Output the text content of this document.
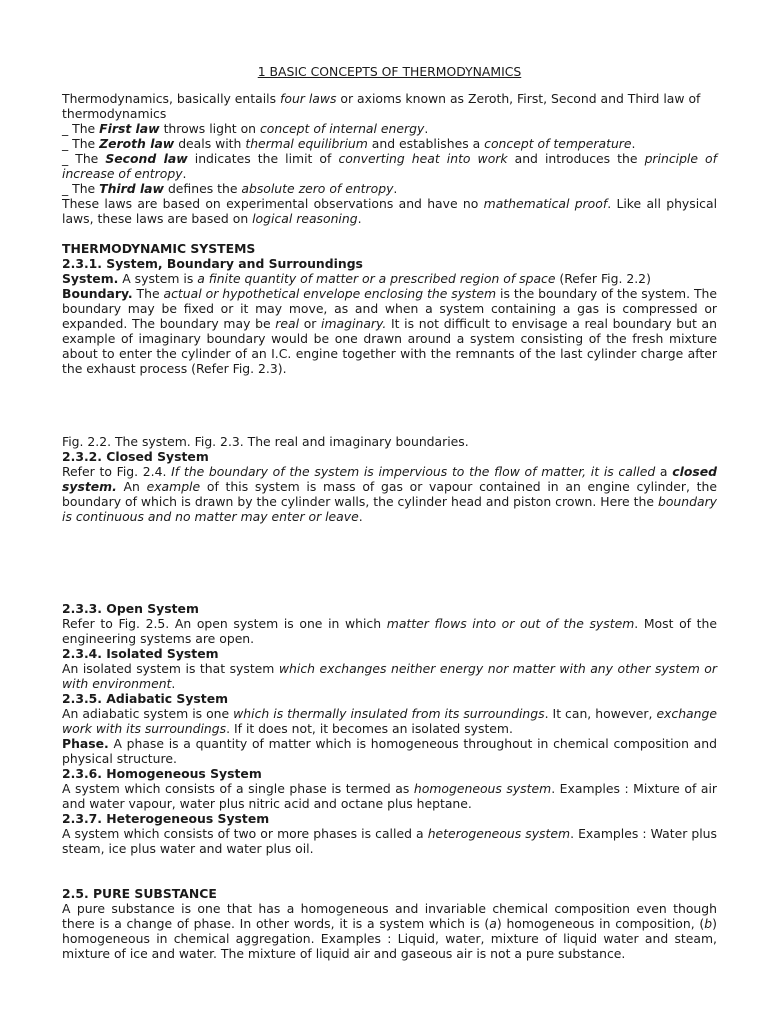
1 BASIC CONCEPTS OF THERMODYNAMICS

Thermodynamics, basically entails four laws or axioms known as Zeroth, First, Second and Third law of thermodynamics

_ The First law throws light on concept of internal energy.

_ The Zeroth law deals with thermal equilibrium and establishes a concept of temperature.

_ The Second law indicates the limit of converting heat into work and introduces the principle of increase of entropy.

_ The Third law defines the absolute zero of entropy.

These laws are based on experimental observations and have no mathematical proof. Like all physical laws, these laws are based on logical reasoning.

THERMODYNAMIC SYSTEMS

2.3.1. System, Boundary and Surroundings

System. A system is a finite quantity of matter or a prescribed region of space (Refer Fig. 2.2)

Boundary. The actual or hypothetical envelope enclosing the system is the boundary of the system. The boundary may be fixed or it may move, as and when a system containing a gas is compressed or expanded. The boundary may be real or imaginary. It is not difficult to envisage a real boundary but an example of imaginary boundary would be one drawn around a system consisting of the fresh mixture about to enter the cylinder of an I.C. engine together with the remnants of the last cylinder charge after the exhaust process (Refer Fig. 2.3).

Fig. 2.2. The system. Fig. 2.3. The real and imaginary boundaries.

2.3.2. Closed System

Refer to Fig. 2.4. If the boundary of the system is impervious to the flow of matter, it is called a closed system. An example of this system is mass of gas or vapour contained in an engine cylinder, the boundary of which is drawn by the cylinder walls, the cylinder head and piston crown. Here the boundary is continuous and no matter may enter or leave.

2.3.3. Open System

Refer to Fig. 2.5. An open system is one in which matter flows into or out of the system. Most of the engineering systems are open.

2.3.4. Isolated System

An isolated system is that system which exchanges neither energy nor matter with any other system or with environment.

2.3.5. Adiabatic System

An adiabatic system is one which is thermally insulated from its surroundings. It can, however, exchange work with its surroundings. If it does not, it becomes an isolated system.

Phase. A phase is a quantity of matter which is homogeneous throughout in chemical composition and physical structure.

2.3.6. Homogeneous System

A system which consists of a single phase is termed as homogeneous system. Examples : Mixture of air and water vapour, water plus nitric acid and octane plus heptane.

2.3.7. Heterogeneous System

A system which consists of two or more phases is called a heterogeneous system. Examples : Water plus steam, ice plus water and water plus oil.

2.5. PURE SUBSTANCE

A pure substance is one that has a homogeneous and invariable chemical composition even though there is a change of phase. In other words, it is a system which is (a) homogeneous in composition, (b) homogeneous in chemical aggregation. Examples : Liquid, water, mixture of liquid water and steam, mixture of ice and water. The mixture of liquid air and gaseous air is not a pure substance.
